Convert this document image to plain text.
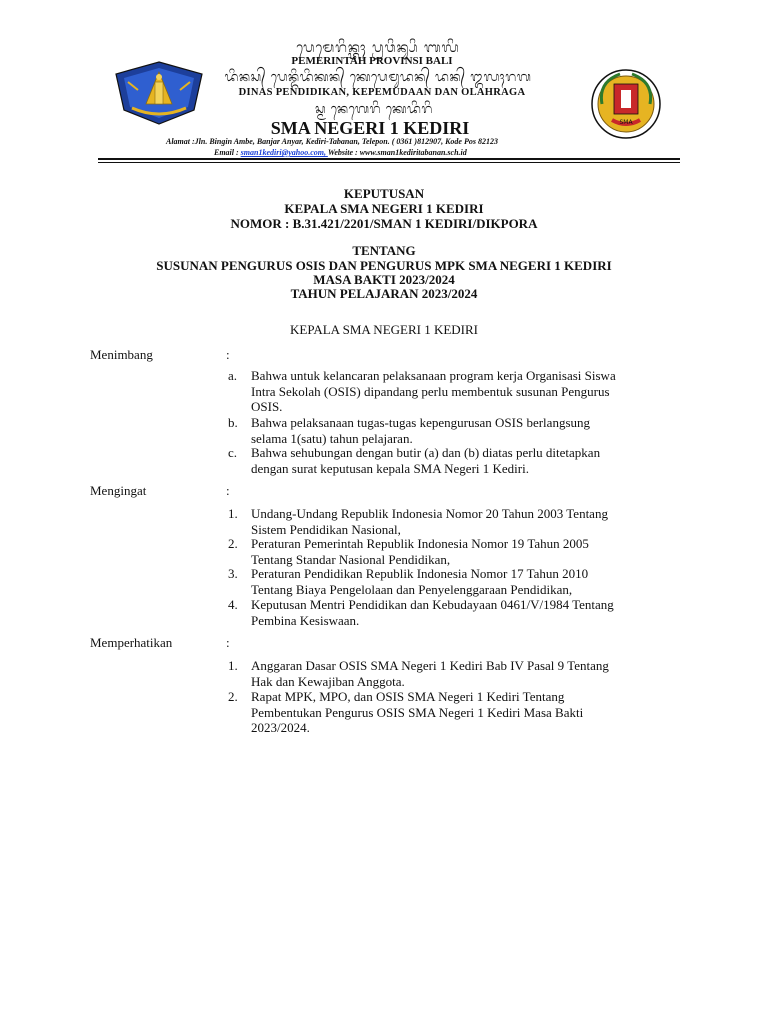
ᬧᬾᬫᬾᬭᬶᬦ᭄ᬢᬄ ᬧ᭄ᬭᬯᬶᬦ᭄ᬲᬶ ᬩᬮᬶ
PEMERINTAH PROVINSI BALI
ᬤᬶᬦᬲ᭄ ᬧᬾᬦ᭄ᬤᬶᬤᬶᬓᬦ᭄ ᬓᬾᬧᬾᬫᬸᬤᬦ᭄ ᬤᬦ᭄ ᬑᬮᬄᬭᬕ
DINAS PENDIDIKAN, KEPEMUDAAN DAN OLAHRAGA
ᬲ᭄ᬫ ᬦᬾᬕᬾᬭᬶ ᬓᬾᬤᬶᬭᬶ
SMA NEGERI 1 KEDIRI	SMA
Alamat :Jln. Bingin Ambe, Banjar Anyar, Kediri-Tabanan, Telepon. ( 0361 )812907, Kode Pos 82123
Email : sman1kediri@yahoo.com, Website : www.sman1kediritabanan.sch.id
KEPUTUSAN
KEPALA SMA NEGERI 1 KEDIRI
NOMOR : B.31.421/2201/SMAN 1 KEDIRI/DIKPORA
TENTANG
SUSUNAN PENGURUS OSIS DAN PENGURUS MPK SMA NEGERI 1 KEDIRI
MASA BAKTI 2023/2024
TAHUN PELAJARAN 2023/2024
KEPALA SMA NEGERI 1 KEDIRI
Menimbang	:
a. Bahwa untuk kelancaran pelaksanaan program kerja Organisasi Siswa
Intra Sekolah (OSIS) dipandang perlu membentuk susunan Pengurus
OSIS.
b. Bahwa pelaksanaan tugas-tugas kepengurusan OSIS berlangsung
selama 1(satu) tahun pelajaran.
c. Bahwa sehubungan dengan butir (a) dan (b) diatas perlu ditetapkan
dengan surat keputusan kepala SMA Negeri 1 Kediri.
Mengingat	:
1. Undang-Undang Republik Indonesia Nomor 20 Tahun 2003 Tentang
Sistem Pendidikan Nasional,
2. Peraturan Pemerintah Republik Indonesia Nomor 19 Tahun 2005
Tentang Standar Nasional Pendidikan,
3. Peraturan Pendidikan Republik Indonesia Nomor 17 Tahun 2010
Tentang Biaya Pengelolaan dan Penyelenggaraan Pendidikan,
4. Keputusan Mentri Pendidikan dan Kebudayaan 0461/V/1984 Tentang
Pembina Kesiswaan.
Memperhatikan	:
1. Anggaran Dasar OSIS SMA Negeri 1 Kediri Bab IV Pasal 9 Tentang
Hak dan Kewajiban Anggota.
2. Rapat MPK, MPO, dan OSIS SMA Negeri 1 Kediri Tentang
Pembentukan Pengurus OSIS SMA Negeri 1 Kediri Masa Bakti
2023/2024.
